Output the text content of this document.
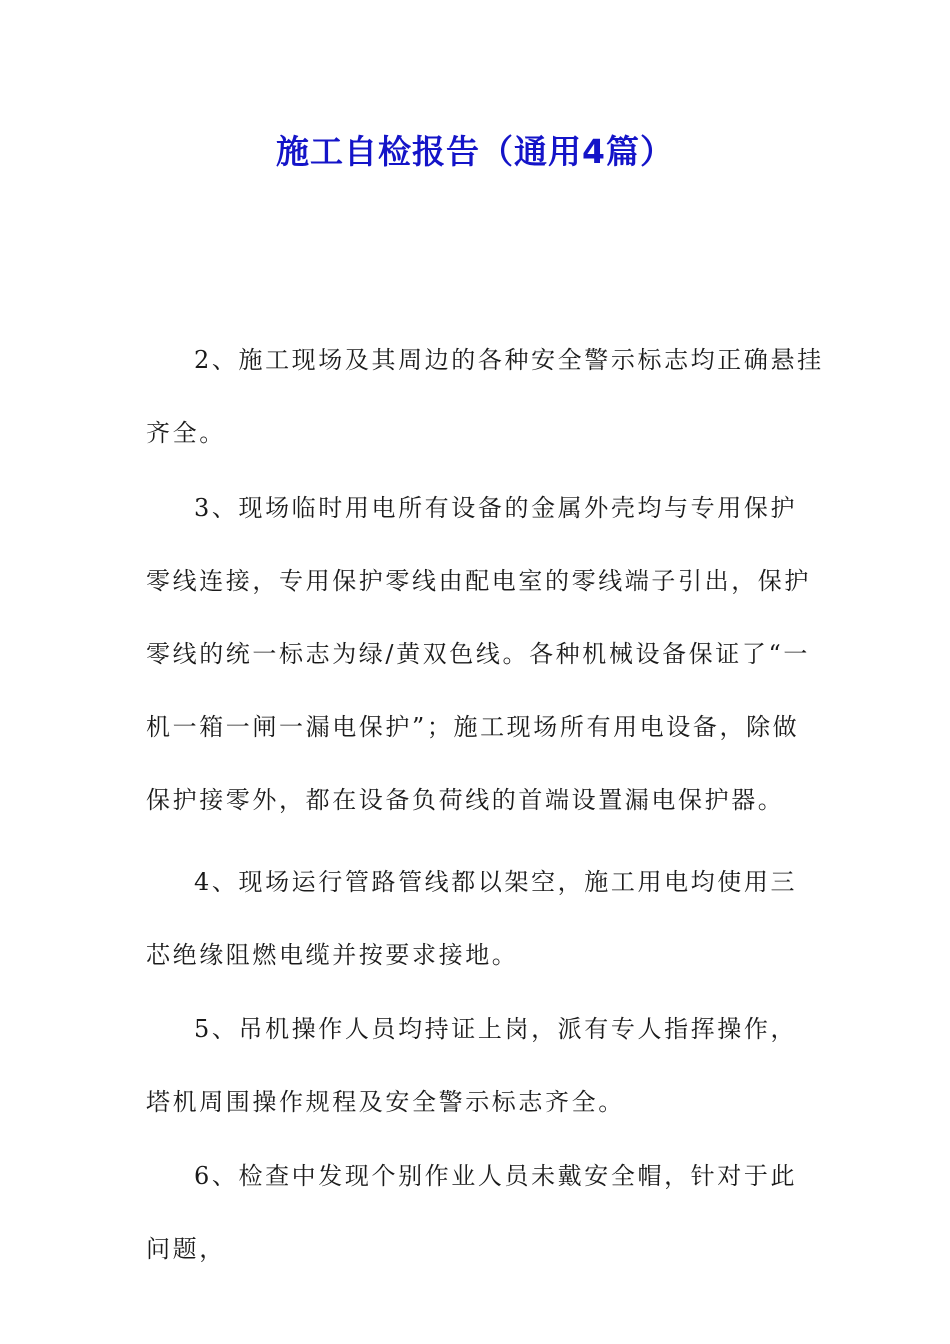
施工自检报告（通用4篇）

2、施工现场及其周边的各种安全警示标志均正确悬挂齐全。

3、现场临时用电所有设备的金属外壳均与专用保护零线连接，专用保护零线由配电室的零线端子引出，保护零线的统一标志为绿/黄双色线。各种机械设备保证了“一机一箱一闸一漏电保护”；施工现场所有用电设备，除做保护接零外，都在设备负荷线的首端设置漏电保护器。

4、现场运行管路管线都以架空，施工用电均使用三芯绝缘阻燃电缆并按要求接地。

5、吊机操作人员均持证上岗，派有专人指挥操作，塔机周围操作规程及安全警示标志齐全。

6、检查中发现个别作业人员未戴安全帽，针对于此问题，
